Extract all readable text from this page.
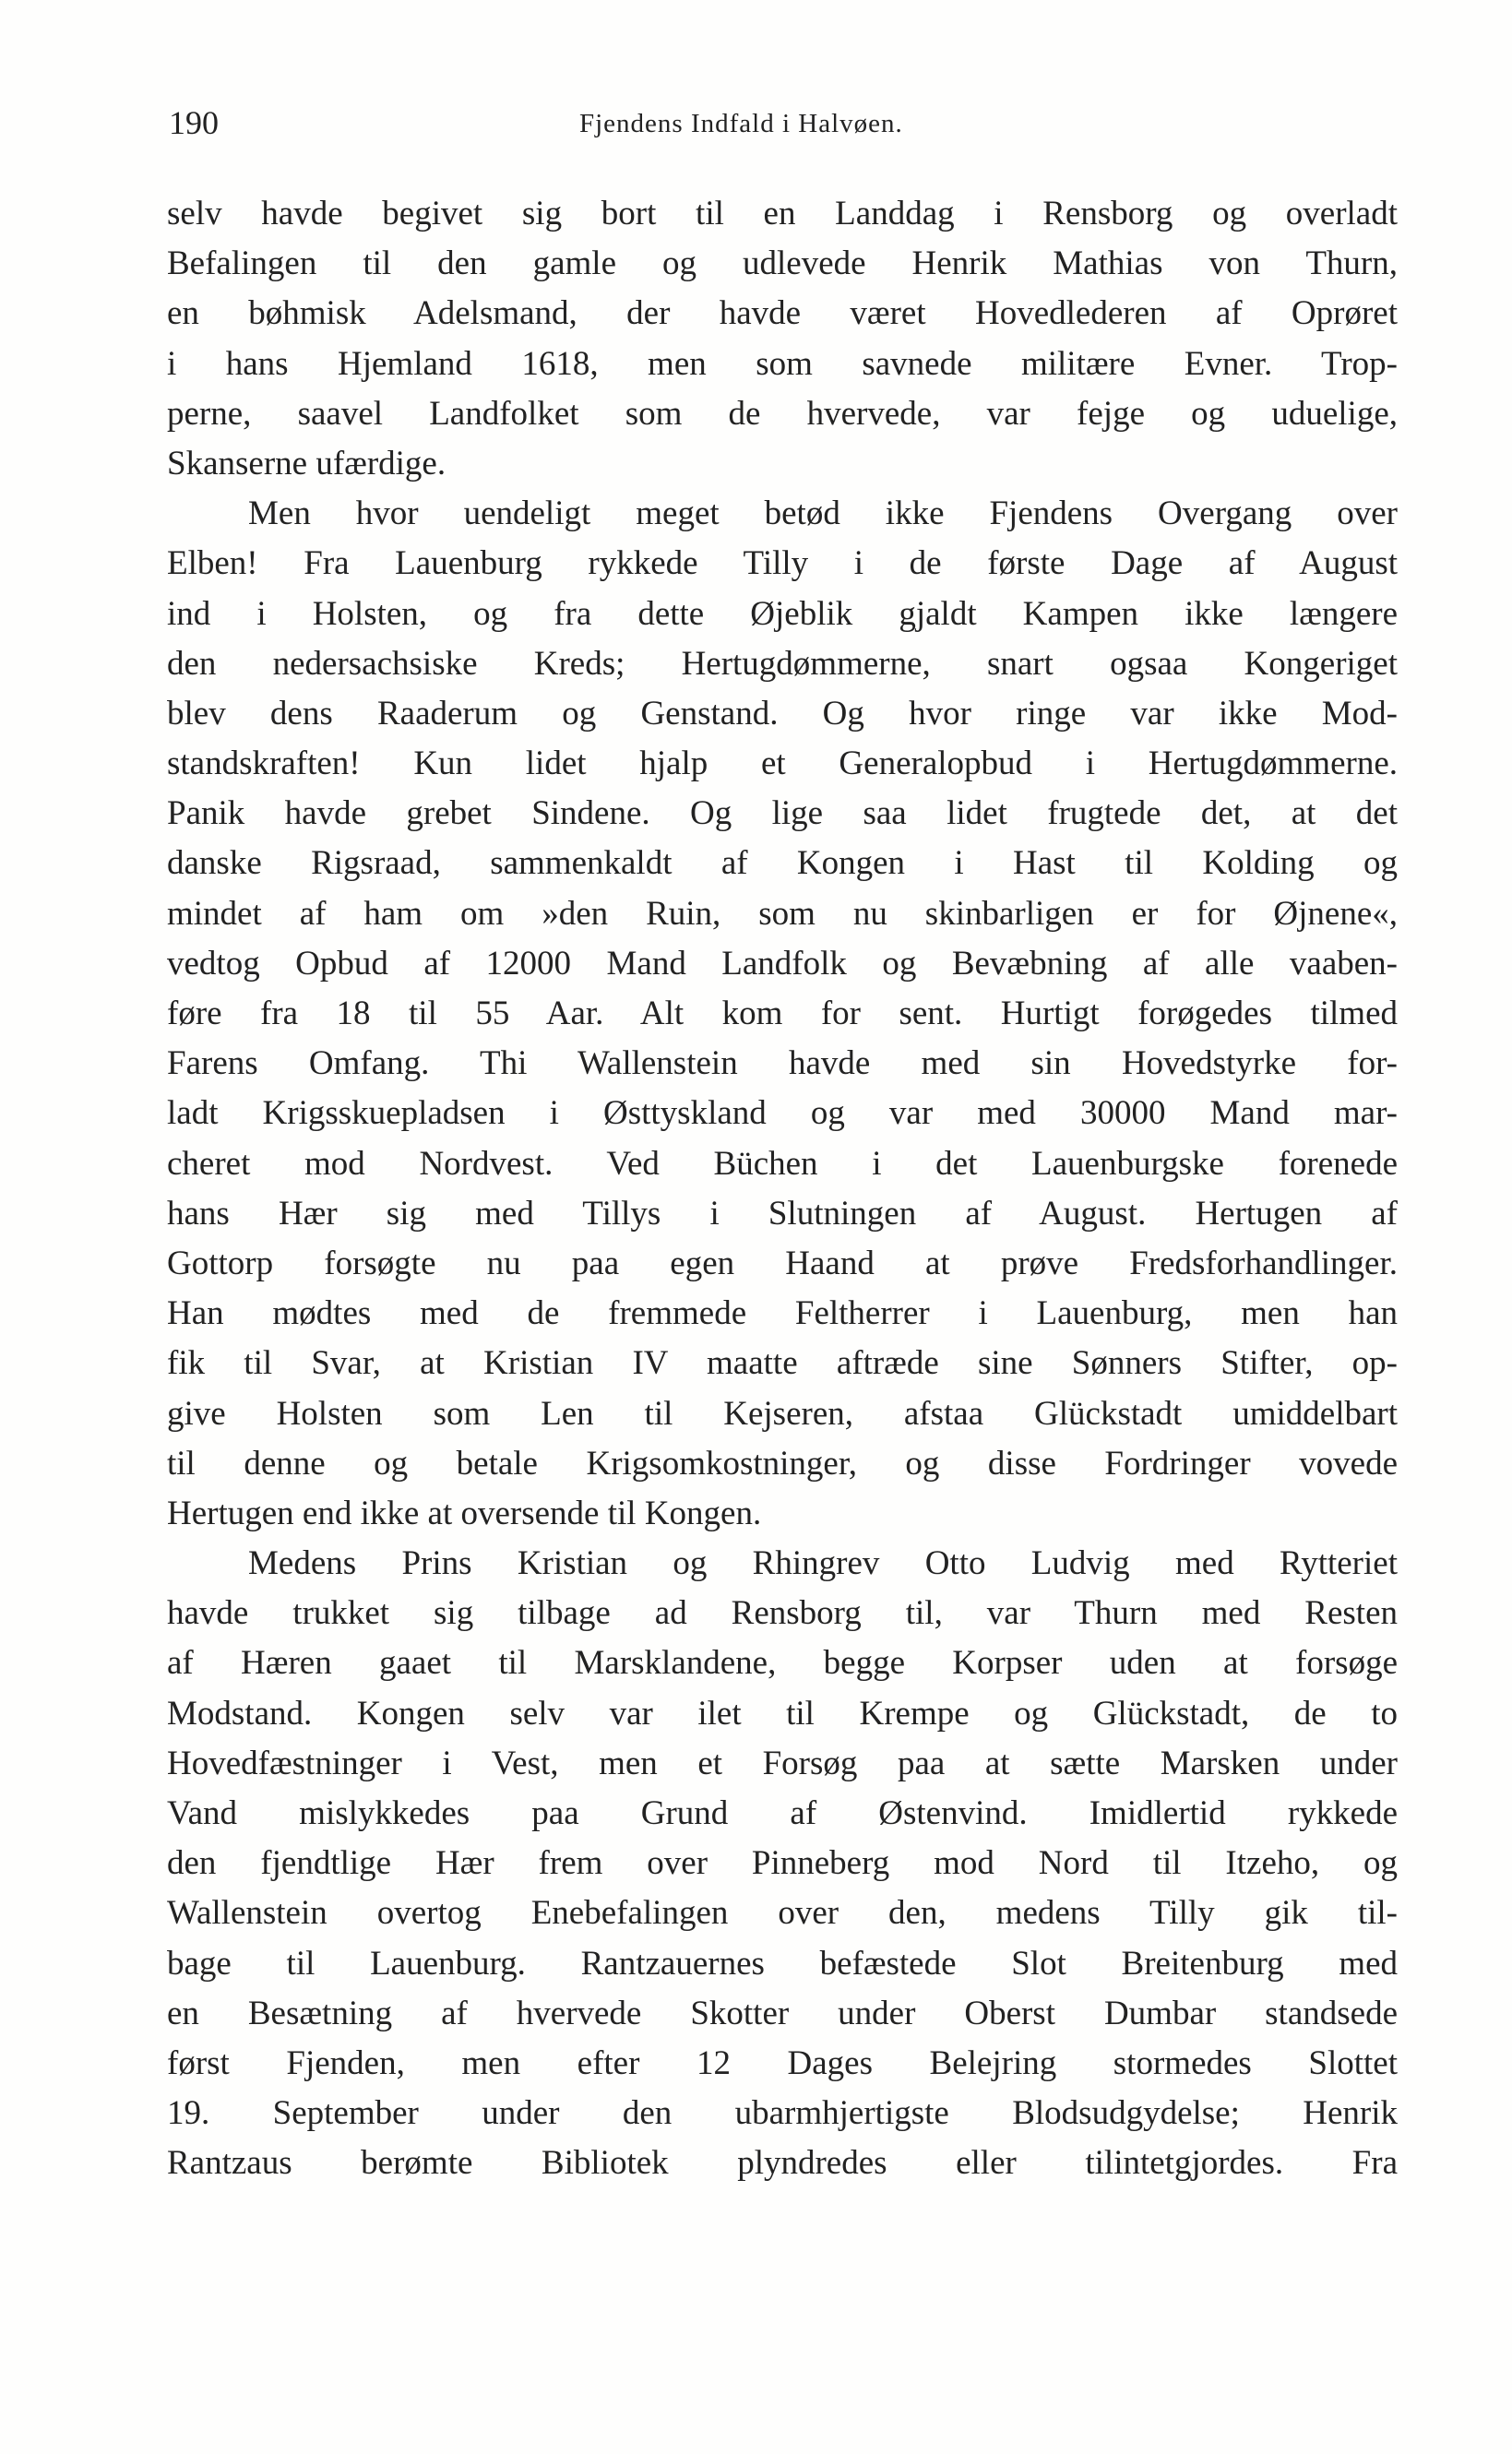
190	Fjendens Indfald i Halvøen.
selv havde begivet sig bort til en Landdag i Rensborg og overladt
Befalingen til den gamle og udlevede Henrik Mathias von Thurn,
en bøhmisk Adelsmand, der havde været Hovedlederen af Oprøret
i hans Hjemland 1618, men som savnede militære Evner. Trop-
perne, saavel Landfolket som de hvervede, var fejge og uduelige,
Skanserne ufærdige.
Men hvor uendeligt meget betød ikke Fjendens Overgang over
Elben! Fra Lauenburg rykkede Tilly i de første Dage af August
ind i Holsten, og fra dette Øjeblik gjaldt Kampen ikke længere
den nedersachsiske Kreds; Hertugdømmerne, snart ogsaa Kongeriget
blev dens Raaderum og Genstand. Og hvor ringe var ikke Mod-
standskraften! Kun lidet hjalp et Generalopbud i Hertugdømmerne.
Panik havde grebet Sindene. Og lige saa lidet frugtede det, at det
danske Rigsraad, sammenkaldt af Kongen i Hast til Kolding og
mindet af ham om »den Ruin, som nu skinbarligen er for Øjnene«,
vedtog Opbud af 12000 Mand Landfolk og Bevæbning af alle vaaben-
føre fra 18 til 55 Aar. Alt kom for sent. Hurtigt forøgedes tilmed
Farens Omfang. Thi Wallenstein havde med sin Hovedstyrke for-
ladt Krigsskuepladsen i Østtyskland og var med 30000 Mand mar-
cheret mod Nordvest. Ved Büchen i det Lauenburgske forenede
hans Hær sig med Tillys i Slutningen af August. Hertugen af
Gottorp forsøgte nu paa egen Haand at prøve Fredsforhandlinger.
Han mødtes med de fremmede Feltherrer i Lauenburg, men han
fik til Svar, at Kristian IV maatte aftræde sine Sønners Stifter, op-
give Holsten som Len til Kejseren, afstaa Glückstadt umiddelbart
til denne og betale Krigsomkostninger, og disse Fordringer vovede
Hertugen end ikke at oversende til Kongen.
Medens Prins Kristian og Rhingrev Otto Ludvig med Rytteriet
havde trukket sig tilbage ad Rensborg til, var Thurn med Resten
af Hæren gaaet til Marsklandene, begge Korpser uden at forsøge
Modstand. Kongen selv var ilet til Krempe og Glückstadt, de to
Hovedfæstninger i Vest, men et Forsøg paa at sætte Marsken under
Vand mislykkedes paa Grund af Østenvind. Imidlertid rykkede
den fjendtlige Hær frem over Pinneberg mod Nord til Itzeho, og
Wallenstein overtog Enebefalingen over den, medens Tilly gik til-
bage til Lauenburg. Rantzauernes befæstede Slot Breitenburg med
en Besætning af hvervede Skotter under Oberst Dumbar standsede
først Fjenden, men efter 12 Dages Belejring stormedes Slottet
19. September under den ubarmhjertigste Blodsudgydelse; Henrik
Rantzaus berømte Bibliotek plyndredes eller tilintetgjordes. Fra
